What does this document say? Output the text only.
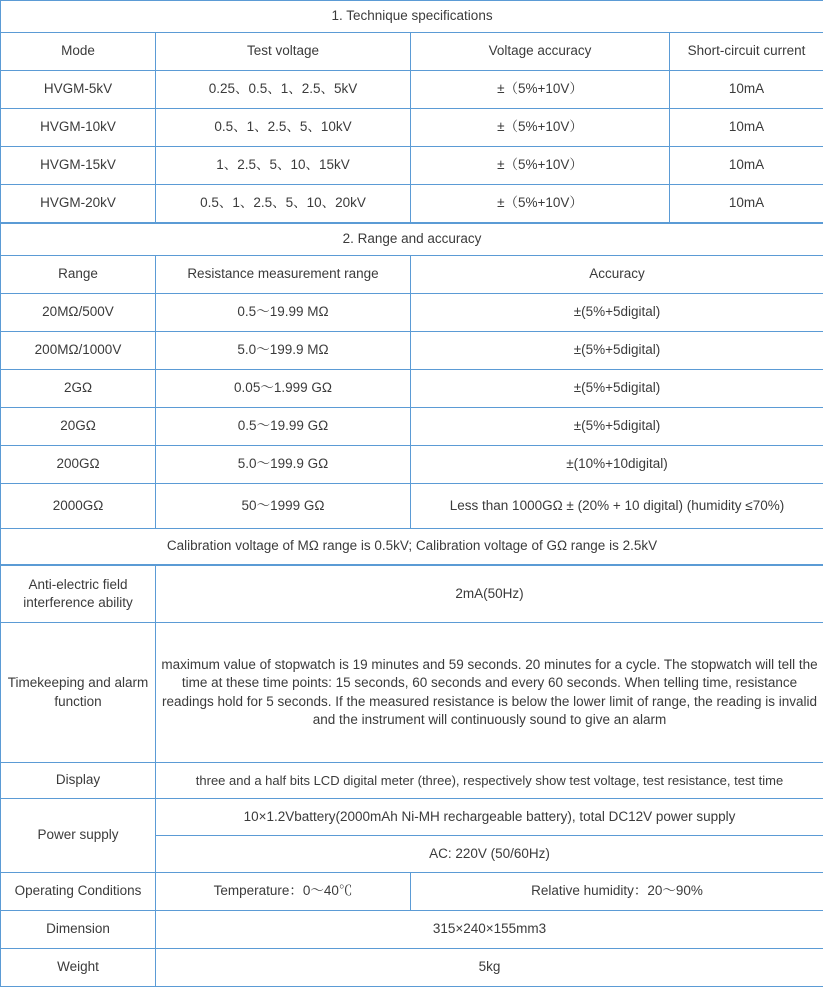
1. Technique specifications			
Mode	Test voltage	Voltage accuracy	Short-circuit current
HVGM-5kV	0.25、0.5、1、2.5、5kV	±（5%+10V）	10mA
HVGM-10kV	0.5、1、2.5、5、10kV	±（5%+10V）	10mA
HVGM-15kV	1、2.5、5、10、15kV	±（5%+10V）	10mA
HVGM-20kV	0.5、1、2.5、5、10、20kV	±（5%+10V）	10mA
2. Range and accuracy		
Range	Resistance measurement range	Accuracy
20MΩ/500V	0.5～19.99 MΩ	±(5%+5digital)
200MΩ/1000V	5.0～199.9 MΩ	±(5%+5digital)
2GΩ	0.05～1.999 GΩ	±(5%+5digital)
20GΩ	0.5～19.99 GΩ	±(5%+5digital)
200GΩ	5.0～199.9 GΩ	±(10%+10digital)
2000GΩ	50～1999 GΩ	Less than 1000GΩ ± (20% + 10 digital) (humidity ≤70%)
Calibration voltage of MΩ range is 0.5kV; Calibration voltage of GΩ range is 2.5kV		
Anti-electric field interference ability	2mA(50Hz)	
Timekeeping and alarm function	maximum value of stopwatch is 19 minutes and 59 seconds. 20 minutes for a cycle. The stopwatch will tell the
time at these time points: 15 seconds, 60 seconds and every 60 seconds. When telling time, resistance
readings hold for 5 seconds. If the measured resistance is below the lower limit of range, the reading is invalid
and the instrument will continuously sound to give an alarm	

Display	three and a half bits LCD digital meter (three), respectively show test voltage, test resistance, test time	
Power supply	10×1.2Vbattery(2000mAh Ni-MH rechargeable battery), total DC12V power supply	
	AC: 220V (50/60Hz)	
Operating Conditions	Temperature：0～40℃	Relative humidity：20～90%
Dimension	315×240×155mm3	
Weight	5kg	
